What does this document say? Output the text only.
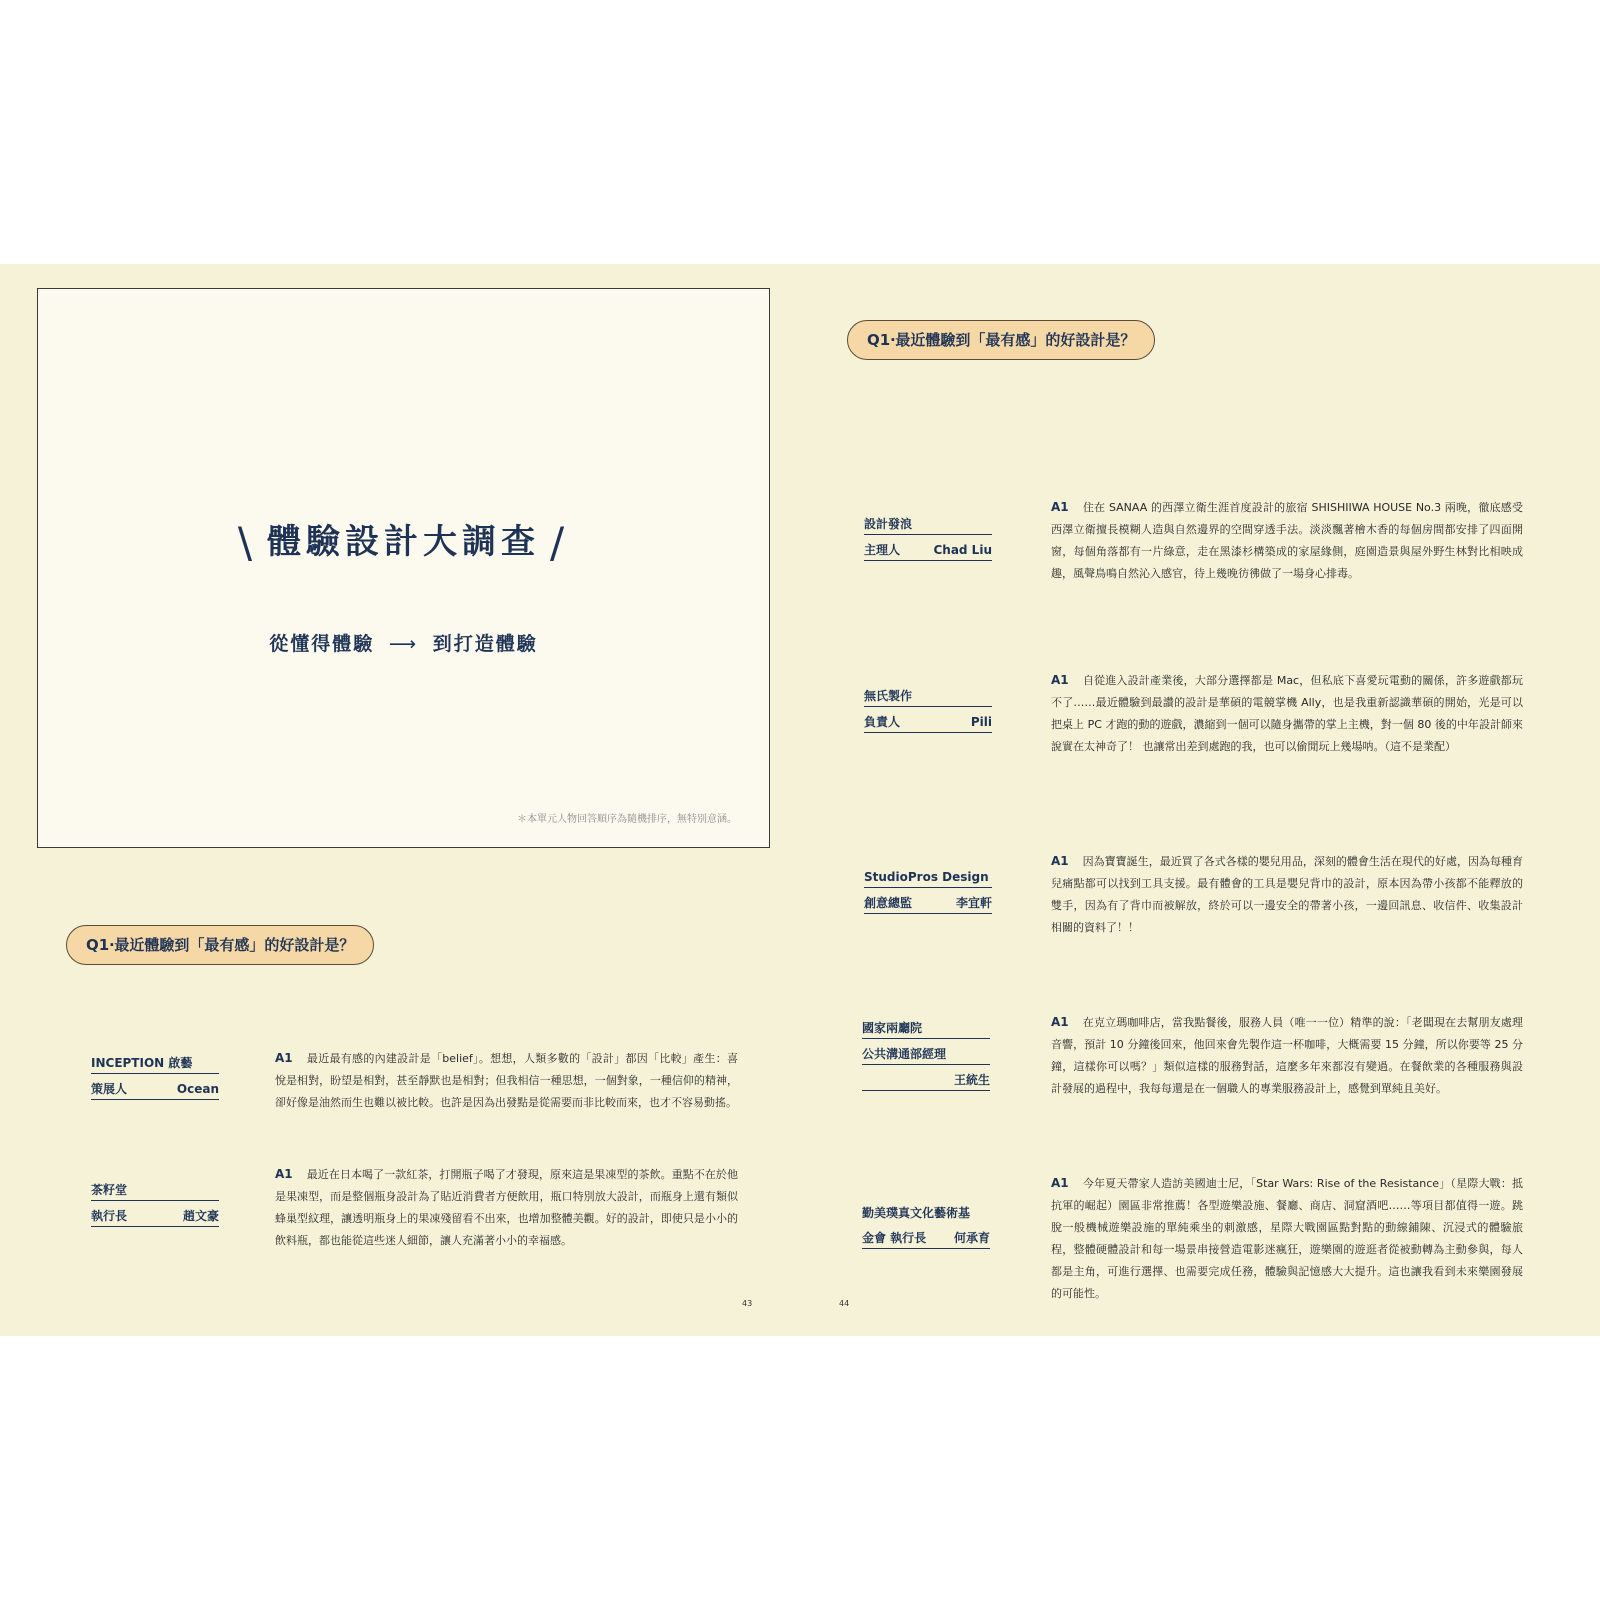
\ 體驗設計大調查 /
從懂得體驗 ⟶ 到打造體驗
＊本單元人物回答順序為隨機排序，無特別意涵。
Q1‧最近體驗到「最有感」的好設計是？
INCEPTION 啟藝
策展人	Ocean
A1 最近最有感的內建設計是「belief」。想想，人類多數的「設計」都因「比較」產生：喜悅是相對，盼望是相對，甚至靜默也是相對；但我相信一種思想，一個對象，一種信仰的精神，卻好像是油然而生也難以被比較。也許是因為出發點是從需要而非比較而來，也才不容易動搖。
茶籽堂
執行長	趙文豪
A1 最近在日本喝了一款紅茶，打開瓶子喝了才發現，原來這是果凍型的茶飲。重點不在於他是果凍型，而是整個瓶身設計為了貼近消費者方便飲用，瓶口特別放大設計，而瓶身上還有類似蜂巢型紋理，讓透明瓶身上的果凍殘留看不出來，也增加整體美觀。好的設計，即使只是小小的飲料瓶，都也能從這些迷人細節，讓人充滿著小小的幸福感。
43
Q1‧最近體驗到「最有感」的好設計是？
設計發浪
主理人	Chad Liu
A1 住在 SANAA 的西澤立衛生涯首度設計的旅宿 SHISHIIWA HOUSE No.3 兩晚，徹底感受西澤立衛擅長模糊人造與自然邊界的空間穿透手法。淡淡飄著檜木香的每個房間都安排了四面開窗，每個角落都有一片綠意，走在黑漆杉構築成的家屋緣側，庭園造景與屋外野生林對比相映成趣，風聲鳥鳴自然沁入感官，待上幾晚彷彿做了一場身心排毒。
無氏製作
負責人	Pili
A1 自從進入設計產業後，大部分選擇都是 Mac，但私底下喜愛玩電動的關係，許多遊戲都玩不了……最近體驗到最讚的設計是華碩的電競掌機 Ally，也是我重新認識華碩的開始，光是可以把桌上 PC 才跑的動的遊戲，濃縮到一個可以隨身攜帶的掌上主機，對一個 80 後的中年設計師來說實在太神奇了！ 也讓常出差到處跑的我，也可以偷閒玩上幾場呐。（這不是業配）
StudioPros Design
創意總監	李宜軒
A1 因為寶寶誕生，最近買了各式各樣的嬰兒用品，深刻的體會生活在現代的好處，因為每種育兒痛點都可以找到工具支援。最有體會的工具是嬰兒背巾的設計，原本因為帶小孩都不能釋放的雙手，因為有了背巾而被解放，終於可以一邊安全的帶著小孩，一邊回訊息、收信件、收集設計相關的資料了！！
國家兩廳院
公共溝通部經理
王統生
A1 在克立瑪咖啡店，當我點餐後，服務人員（唯一一位）精準的說：「老闆現在去幫朋友處理音響，預計 10 分鐘後回來，他回來會先製作這一杯咖啡，大概需要 15 分鐘，所以你要等 25 分鐘，這樣你可以嗎？」類似這樣的服務對話，這麼多年來都沒有變過。在餐飲業的各種服務與設計發展的過程中，我每每還是在一個職人的專業服務設計上，感覺到單純且美好。
勤美璞真文化藝術基
金會 執行長 何承育
A1 今年夏天帶家人造訪美國迪士尼，「Star Wars: Rise of the Resistance」（星際大戰：抵抗軍的崛起）園區非常推薦！各型遊樂設施、餐廳、商店、洞窟酒吧……等項目都值得一遊。跳脫一般機械遊樂設施的單純乘坐的刺激感，星際大戰園區點對點的動線鋪陳、沉浸式的體驗旅程，整體硬體設計和每一場景串接營造電影迷瘋狂，遊樂園的遊逛者從被動轉為主動參與，每人都是主角，可進行選擇、也需要完成任務，體驗與記憶感大大提升。這也讓我看到未來樂園發展的可能性。
44
